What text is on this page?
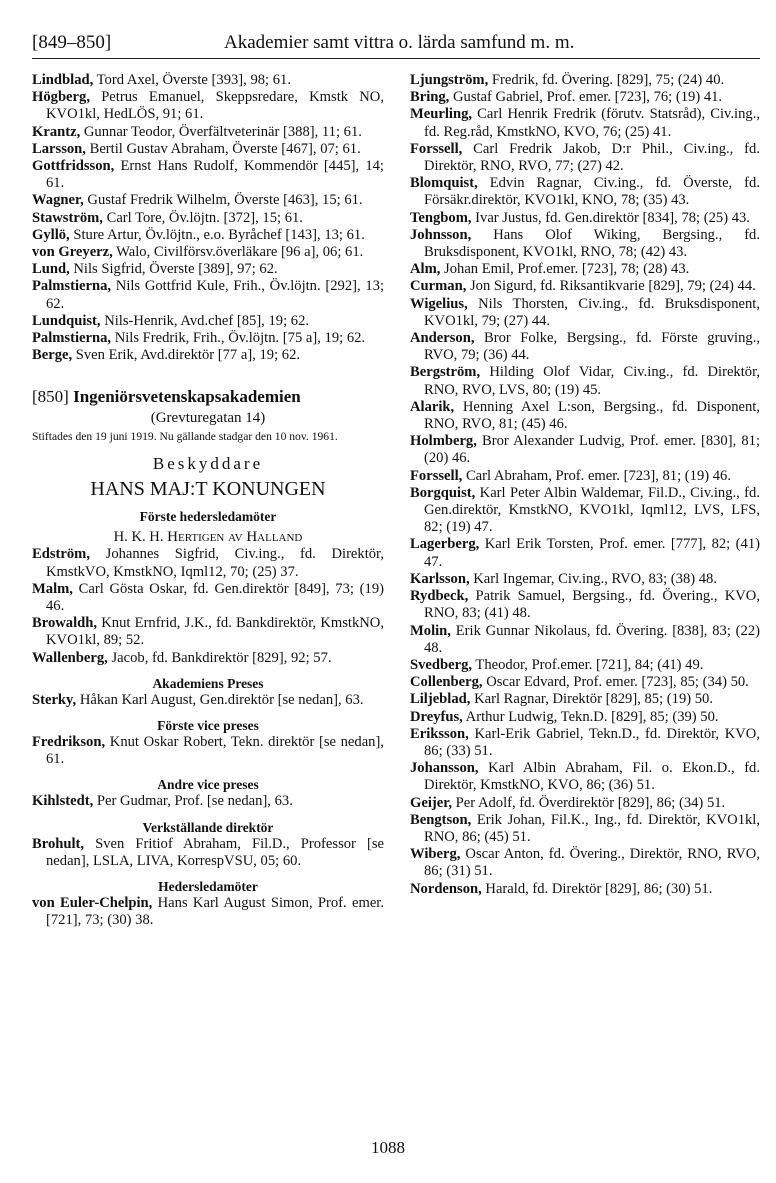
[849–850]	Akademier samt vittra o. lärda samfund m. m.
Lindblad, Tord Axel, Överste [393], 98; 61.
Högberg, Petrus Emanuel, Skeppsredare, Kmstk NO, KVO1kl, HedLÖS, 91; 61.
Krantz, Gunnar Teodor, Överfältveterinär [388], 11; 61.
Larsson, Bertil Gustav Abraham, Överste [467], 07; 61.
Gottfridsson, Ernst Hans Rudolf, Kommendör [445], 14; 61.
Wagner, Gustaf Fredrik Wilhelm, Överste [463], 15; 61.
Stawström, Carl Tore, Öv.löjtn. [372], 15; 61.
Gyllö, Sture Artur, Öv.löjtn., e.o. Byråchef [143], 13; 61.
von Greyerz, Walo, Civilförsv.överläkare [96 a], 06; 61.
Lund, Nils Sigfrid, Överste [389], 97; 62.
Palmstierna, Nils Gottfrid Kule, Frih., Öv.löjtn. [292], 13; 62.
Lundquist, Nils-Henrik, Avd.chef [85], 19; 62.
Palmstierna, Nils Fredrik, Frih., Öv.löjtn. [75 a], 19; 62.
Berge, Sven Erik, Avd.direktör [77 a], 19; 62.
[850] Ingeniörsvetenskapsakademien
(Grevturegatan 14)
Stiftades den 19 juni 1919. Nu gällande stadgar den 10 nov. 1961.
Beskyddare
HANS MAJ:T KONUNGEN
Förste hedersledamöter
H. K. H. Hertigen av Halland
Edström, Johannes Sigfrid, Civ.ing., fd. Direktör, KmstkVO, KmstkNO, Iqml12, 70; (25) 37.
Malm, Carl Gösta Oskar, fd. Gen.direktör [849], 73; (19) 46.
Browaldh, Knut Ernfrid, J.K., fd. Bankdirektör, KmstkNO, KVO1kl, 89; 52.
Wallenberg, Jacob, fd. Bankdirektör [829], 92; 57.
Akademiens Preses
Sterky, Håkan Karl August, Gen.direktör [se nedan], 63.
Förste vice preses
Fredrikson, Knut Oskar Robert, Tekn. direktör [se nedan], 61.
Andre vice preses
Kihlstedt, Per Gudmar, Prof. [se nedan], 63.
Verkställande direktör
Brohult, Sven Fritiof Abraham, Fil.D., Professor [se nedan], LSLA, LIVA, KorrespVSU, 05; 60.
Hedersledamöter
von Euler-Chelpin, Hans Karl August Simon, Prof. emer. [721], 73; (30) 38.
Ljungström, Fredrik, fd. Övering. [829], 75; (24) 40.
Bring, Gustaf Gabriel, Prof. emer. [723], 76; (19) 41.
Meurling, Carl Henrik Fredrik (förutv. Statsråd), Civ.ing., fd. Reg.råd, KmstkNO, KVO, 76; (25) 41.
Forssell, Carl Fredrik Jakob, D:r Phil., Civ.ing., fd. Direktör, RNO, RVO, 77; (27) 42.
Blomquist, Edvin Ragnar, Civ.ing., fd. Överste, fd. Försäkr.direktör, KVO1kl, KNO, 78; (35) 43.
Tengbom, Ivar Justus, fd. Gen.direktör [834], 78; (25) 43.
Johnsson, Hans Olof Wiking, Bergsing., fd. Bruksdisponent, KVO1kl, RNO, 78; (42) 43.
Alm, Johan Emil, Prof.emer. [723], 78; (28) 43.
Curman, Jon Sigurd, fd. Riksantikvarie [829], 79; (24) 44.
Wigelius, Nils Thorsten, Civ.ing., fd. Bruksdisponent, KVO1kl, 79; (27) 44.
Anderson, Bror Folke, Bergsing., fd. Förste gruving., RVO, 79; (36) 44.
Bergström, Hilding Olof Vidar, Civ.ing., fd. Direktör, RNO, RVO, LVS, 80; (19) 45.
Alarik, Henning Axel L:son, Bergsing., fd. Disponent, RNO, RVO, 81; (45) 46.
Holmberg, Bror Alexander Ludvig, Prof. emer. [830], 81; (20) 46.
Forssell, Carl Abraham, Prof. emer. [723], 81; (19) 46.
Borgquist, Karl Peter Albin Waldemar, Fil.D., Civ.ing., fd. Gen.direktör, KmstkNO, KVO1kl, Iqml12, LVS, LFS, 82; (19) 47.
Lagerberg, Karl Erik Torsten, Prof. emer. [777], 82; (41) 47.
Karlsson, Karl Ingemar, Civ.ing., RVO, 83; (38) 48.
Rydbeck, Patrik Samuel, Bergsing., fd. Övering., KVO, RNO, 83; (41) 48.
Molin, Erik Gunnar Nikolaus, fd. Övering. [838], 83; (22) 48.
Svedberg, Theodor, Prof.emer. [721], 84; (41) 49.
Collenberg, Oscar Edvard, Prof. emer. [723], 85; (34) 50.
Liljeblad, Karl Ragnar, Direktör [829], 85; (19) 50.
Dreyfus, Arthur Ludwig, Tekn.D. [829], 85; (39) 50.
Eriksson, Karl-Erik Gabriel, Tekn.D., fd. Direktör, KVO, 86; (33) 51.
Johansson, Karl Albin Abraham, Fil. o. Ekon.D., fd. Direktör, KmstkNO, KVO, 86; (36) 51.
Geijer, Per Adolf, fd. Överdirektör [829], 86; (34) 51.
Bengtson, Erik Johan, Fil.K., Ing., fd. Direktör, KVO1kl, RNO, 86; (45) 51.
Wiberg, Oscar Anton, fd. Övering., Direktör, RNO, RVO, 86; (31) 51.
Nordenson, Harald, fd. Direktör [829], 86; (30) 51.
1088
